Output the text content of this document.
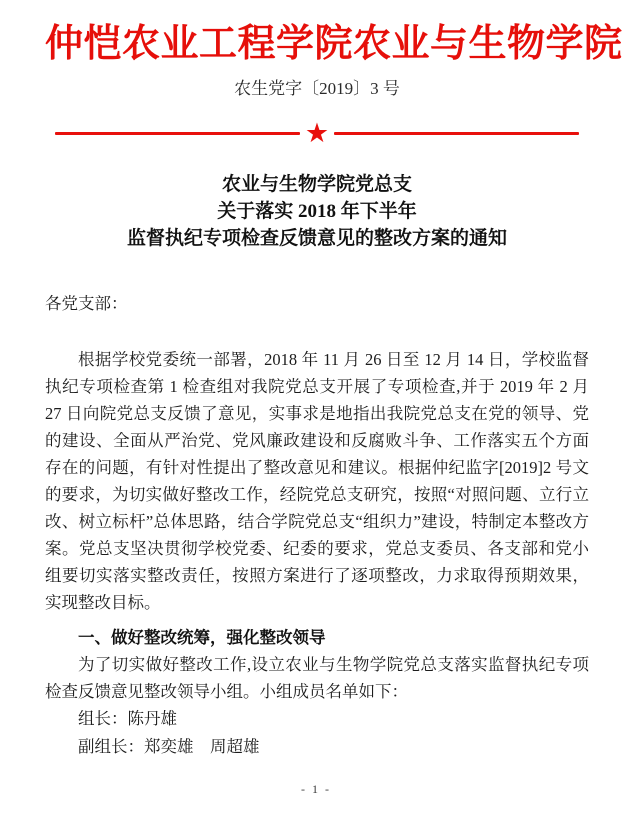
仲恺农业工程学院农业与生物学院
农生党字〔2019〕3 号
★
农业与生物学院党总支
关于落实 2018 年下半年
监督执纪专项检查反馈意见的整改方案的通知
各党支部：

根据学校党委统一部署，2018 年 11 月 26 日至 12 月 14 日，学校监督执纪专项检查第 1 检查组对我院党总支开展了专项检查,并于 2019 年 2 月 27 日向院党总支反馈了意见，实事求是地指出我院党总支在党的领导、党的建设、全面从严治党、党风廉政建设和反腐败斗争、工作落实五个方面存在的问题，有针对性提出了整改意见和建议。根据仲纪监字[2019]2 号文的要求，为切实做好整改工作，经院党总支研究，按照“对照问题、立行立改、树立标杆”总体思路，结合学院党总支“组织力”建设，特制定本整改方案。党总支坚决贯彻学校党委、纪委的要求，党总支委员、各支部和党小组要切实落实整改责任，按照方案进行了逐项整改，力求取得预期效果，实现整改目标。

一、做好整改统筹，强化整改领导

为了切实做好整改工作,设立农业与生物学院党总支落实监督执纪专项检查反馈意见整改领导小组。小组成员名单如下：

组长：陈丹雄
副组长：郑奕雄　周超雄
- 1 -
